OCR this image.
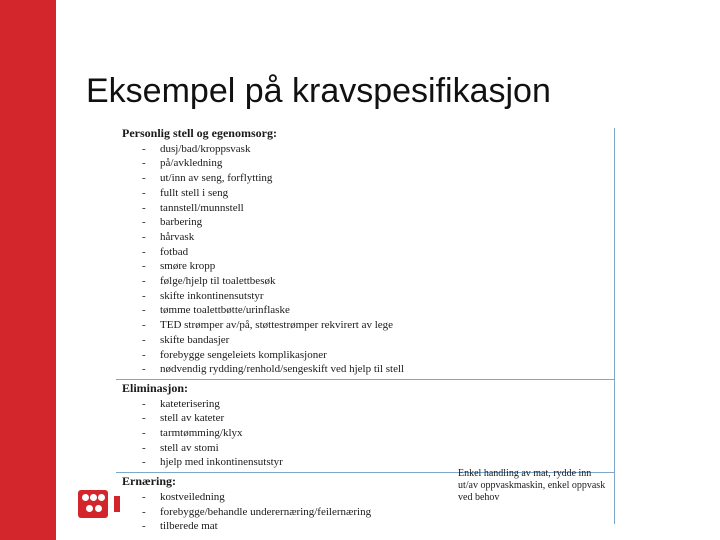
Eksempel på kravspesifikasjon
Personlig stell og egenomsorg:
- dusj/bad/kroppsvask
- på/avkledning
- ut/inn av seng, forflytting
- fullt stell i seng
- tannstell/munnstell
- barbering
- hårvask
- fotbad
- smøre kropp
- følge/hjelp til toalettbesøk
- skifte inkontinensutstyr
- tømme toalettbøtte/urinflaske
- TED strømper av/på, støttestrømper rekvirert av lege
- skifte bandasjer
- forebygge sengeleiets komplikasjoner
- nødvendig rydding/renhold/sengeskift ved hjelp til stell
Eliminasjon:
- kateterisering
- stell av kateter
- tarmtømming/klyx
- stell av stomi
- hjelp med inkontinensutstyr
Ernæring:
- kostveiledning
- forebygge/behandle underernæring/feilernæring
- tilberede mat
Enkel handling av mat, rydde inn ut/av oppvaskmaskin, enkel oppvask ved behov
